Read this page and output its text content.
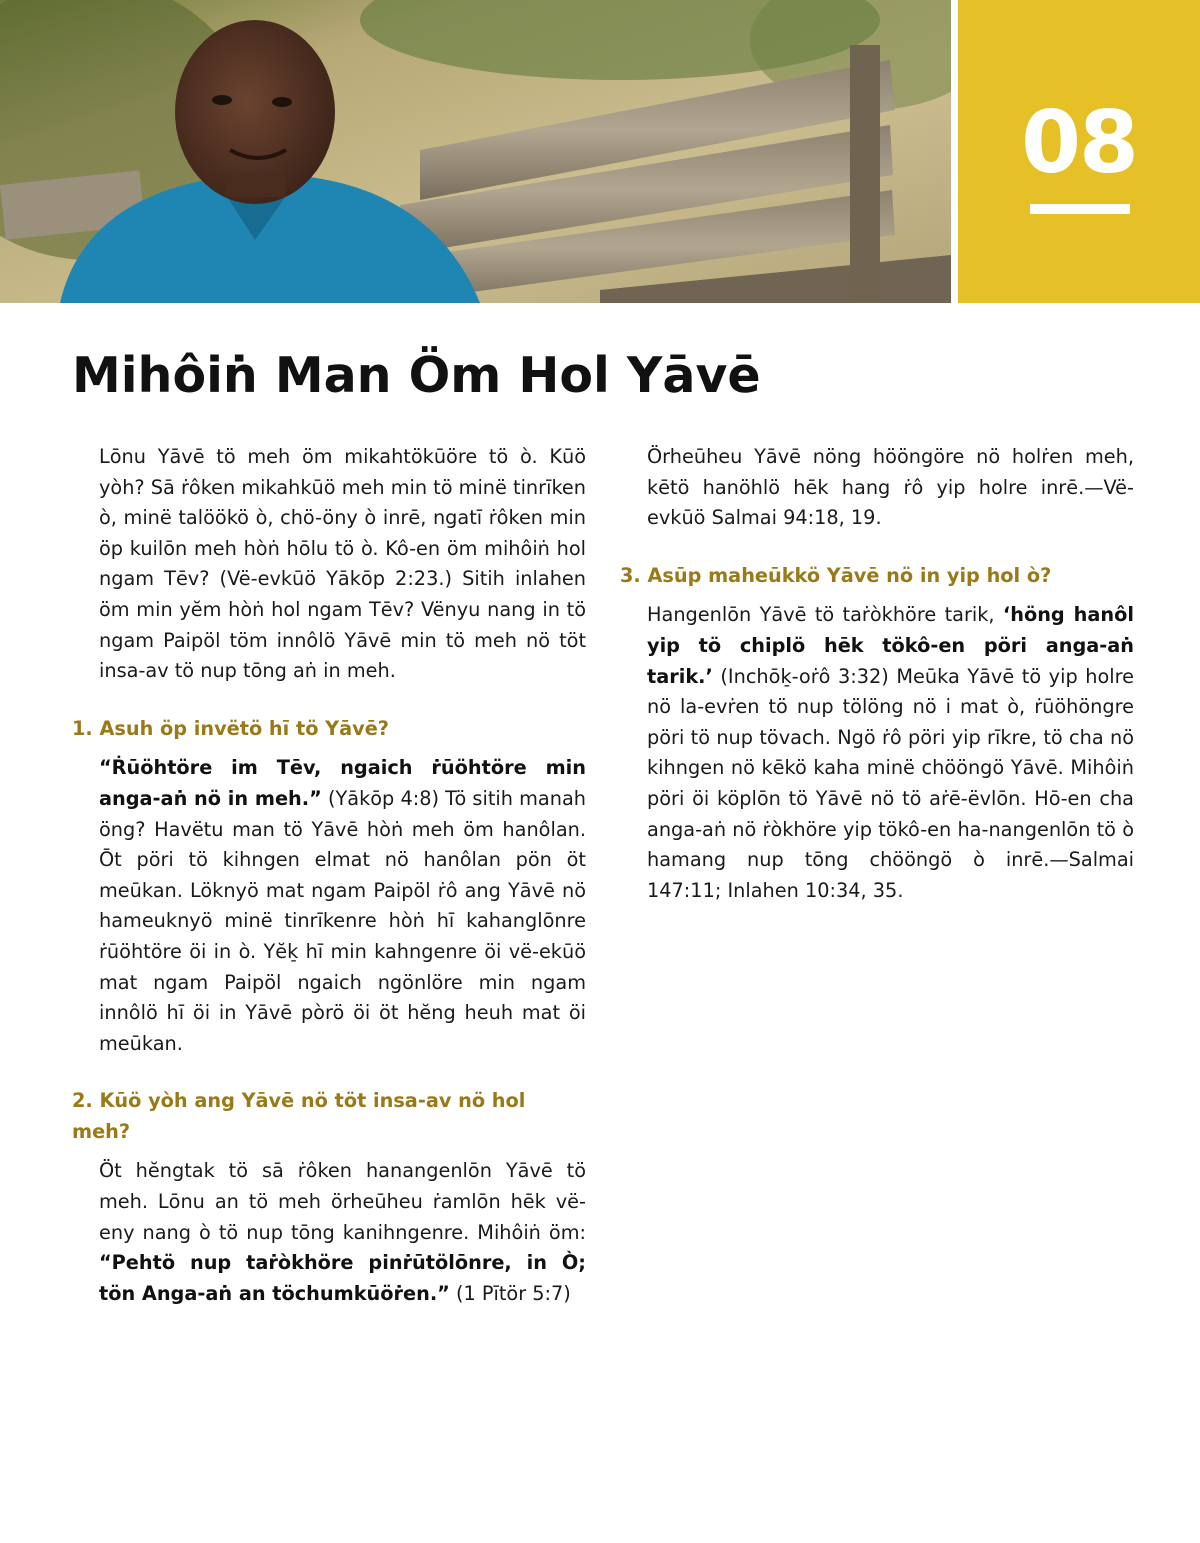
08
Mihôiṅ Man Öm Hol Yāvē

Lōnu Yāvē tö meh öm mikahtökūöre tö ò. Kūö yòh? Sā ṙôken mikahkūö meh min tö minë tinrīken ò, minë talöökö ò, chö-öny ò inrē, ngatī ṙôken min öp kuilōn meh hòṅ hōlu tö ò. Kô-en öm mihôiṅ hol ngam Tēv? (Vë-evkūö Yākōp 2:23.) Sitih inlahen öm min yĕm hòṅ hol ngam Tēv? Vënyu nang in tö ngam Paipöl töm innôlö Yāvē min tö meh nö töt insa-av tö nup tōng aṅ in meh.

1. Asuh öp invëtö hī tö Yāvē?

“Ṙūöhtöre im Tēv, ngaich ṙūöhtöre min anga-aṅ nö in meh.” (Yākōp 4:8) Tö sitih manah öng? Havëtu man tö Yāvē hòṅ meh öm hanôlan. Ōt pöri tö kihngen elmat nö hanôlan pön öt meūkan. Löknyö mat ngam Paipöl ṙô ang Yāvē nö hameuknyö minë tinrīkenre hòṅ hī kahanglōnre ṙūöhtöre öi in ò. Yĕk̠ hī min kahngenre öi vë-ekūö mat ngam Paipöl ngaich ngönlöre min ngam innôlö hī öi in Yāvē pòrö öi öt hĕng heuh mat öi meūkan.

2. Kūö yòh ang Yāvē nö töt insa-av nö hol meh?

Öt hĕngtak tö sā ṙôken hanangenlōn Yāvē tö meh. Lōnu an tö meh örheūheu ṙamlōn hēk vë-eny nang ò tö nup tōng kanihngenre. Mihôiṅ öm: “Pehtö nup taṙòkhöre pinṙūtölōnre, in Ò; tön Anga-aṅ an töchumkūöṙen.” (1 Pītör 5:7)

Örheūheu Yāvē nöng hööngöre nö holṙen meh, kētö hanöhlö hēk hang ṙô yip holre inrē.—Vë-evkūö Salmai 94:18, 19.

3. Asūp maheūkkö Yāvē nö in yip hol ò?

Hangenlōn Yāvē tö taṙòkhöre tarik, ‘höng hanôl yip tö chiplö hēk tökô-en pöri anga-aṅ tarik.’ (Inchōk̠-oṙô 3:32) Meūka Yāvē tö yip holre nö la-evṙen tö nup tölöng nö i mat ò, ṙūöhöngre pöri tö nup tövach. Ngö ṙô pöri yip rīkre, tö cha nö kihngen nö kēkö kaha minë chööngö Yāvē. Mihôiṅ pöri öi köplōn tö Yāvē nö tö aṙē-ëvlōn. Hō-en cha anga-aṅ nö ṙòkhöre yip tökô-en ha-nangenlōn tö ò hamang nup tōng chööngö ò inrē.—Salmai 147:11; Inlahen 10:34, 35.
